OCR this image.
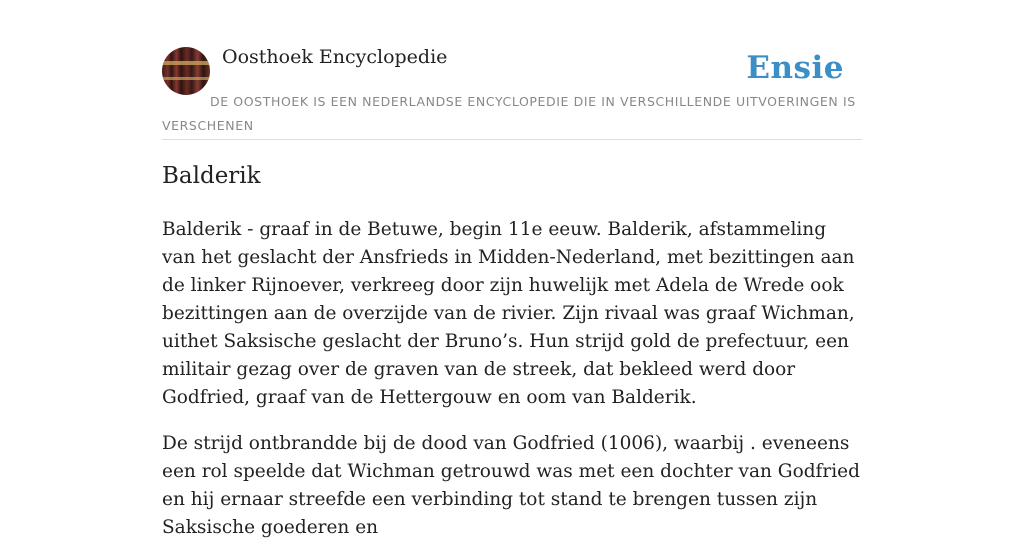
Oosthoek Encyclopedie	Ensie
DE OOSTHOEK IS EEN NEDERLANDSE ENCYCLOPEDIE DIE IN VERSCHILLENDE UITVOERINGEN IS VERSCHENEN
Balderik

Balderik - graaf in de Betuwe, begin 11e eeuw. Balderik, afstammeling van het geslacht der Ansfrieds in Midden-Nederland, met bezittingen aan de linker Rijnoever, verkreeg door zijn huwelijk met Adela de Wrede ook bezittingen aan de overzijde van de rivier. Zijn rivaal was graaf Wichman, uithet Saksische geslacht der Bruno’s. Hun strijd gold de prefectuur, een militair gezag over de graven van de streek, dat bekleed werd door Godfried, graaf van de Hettergouw en oom van Balderik.

De strijd ontbrandde bij de dood van Godfried (1006), waarbij . eveneens een rol speelde dat Wichman getrouwd was met een dochter van Godfried en hij ernaar streefde een verbinding tot stand te brengen tussen zijn Saksische goederen en
